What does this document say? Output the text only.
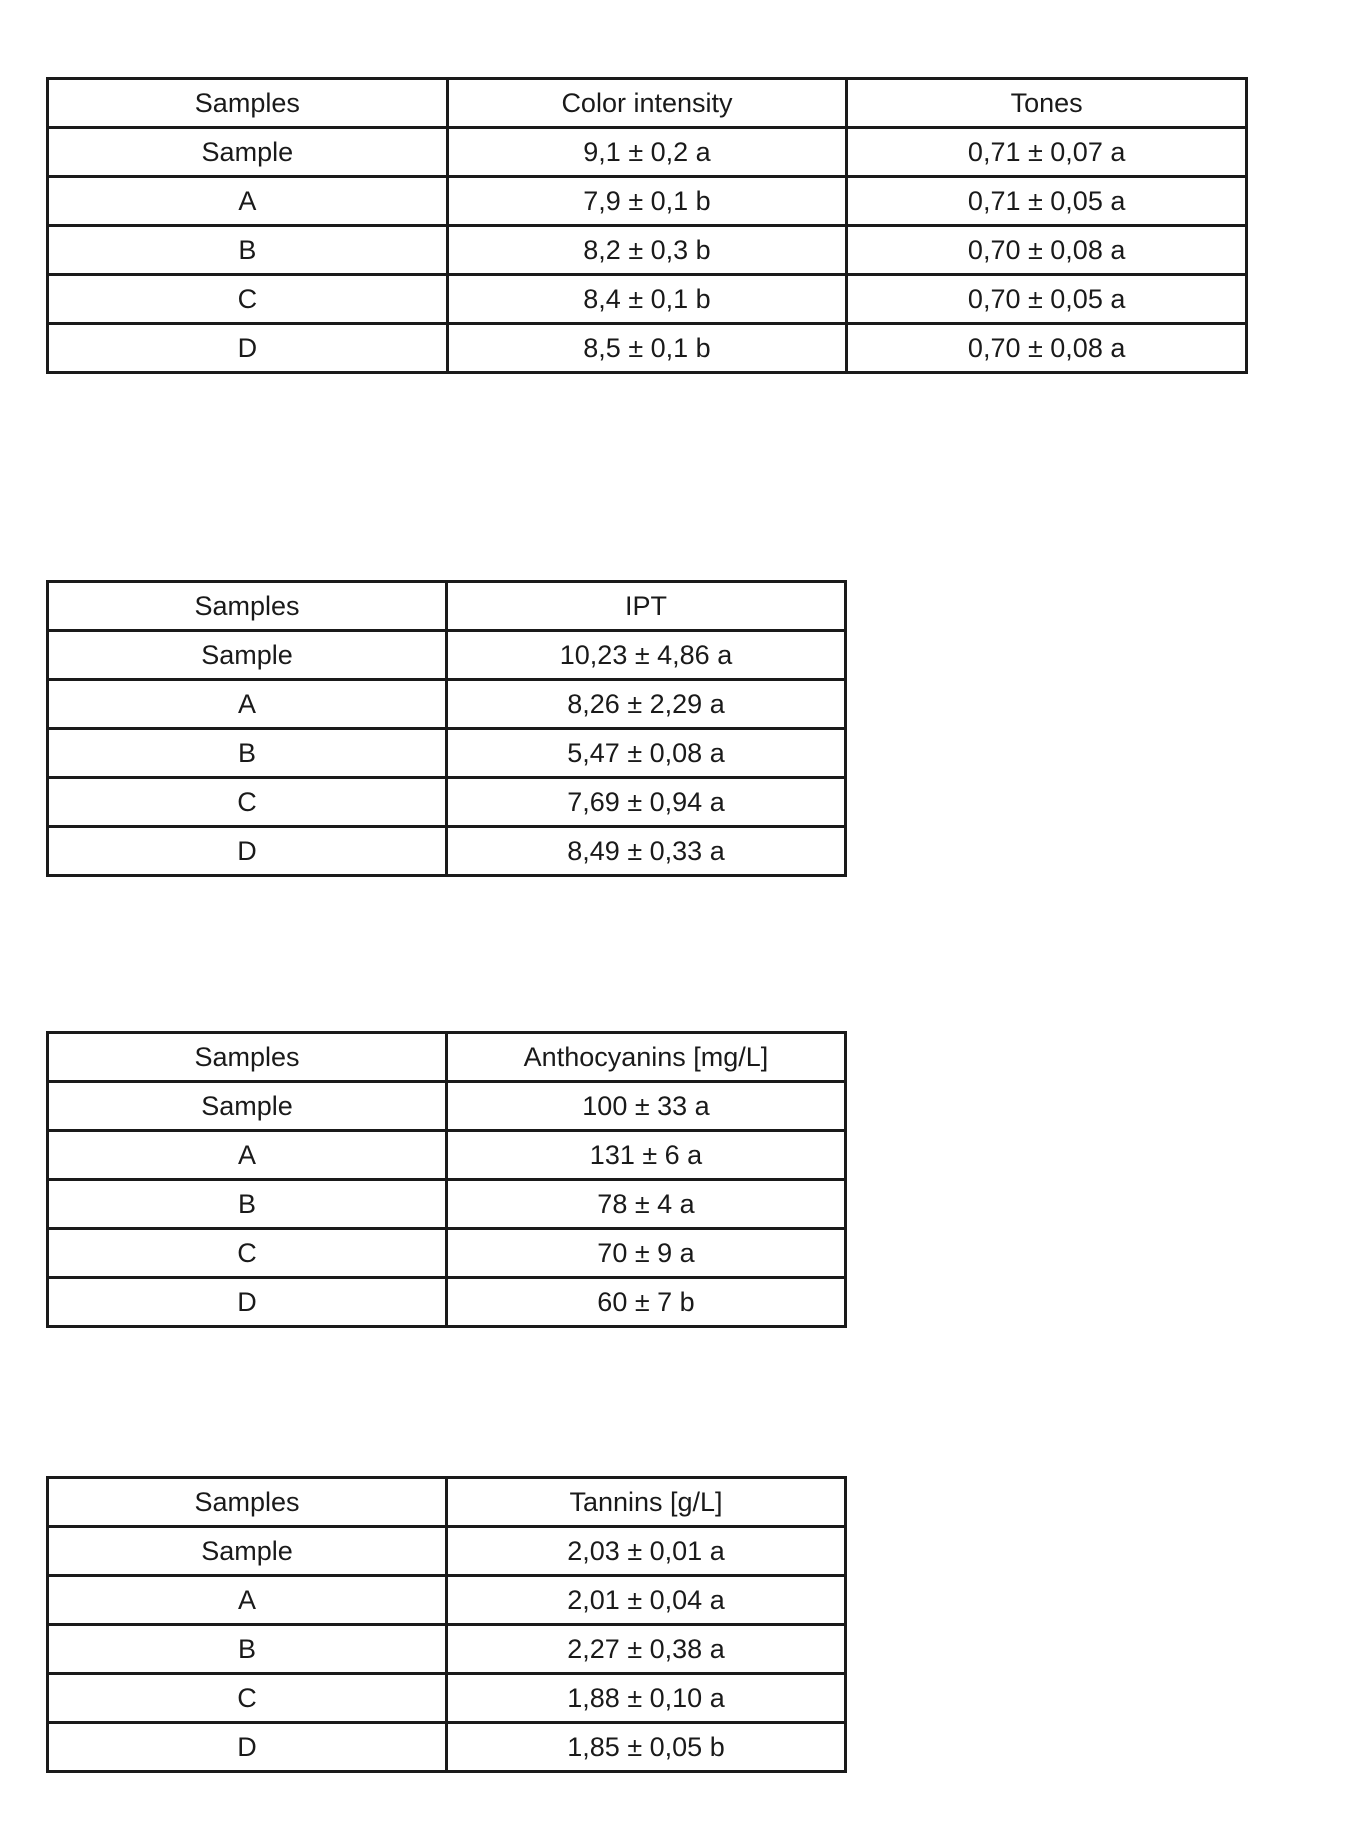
Samples	Color intensity	Tones
Sample	9,1 ± 0,2 a	0,71 ± 0,07 a
A	7,9 ± 0,1 b	0,71 ± 0,05 a
B	8,2 ± 0,3 b	0,70 ± 0,08 a
C	8,4 ± 0,1 b	0,70 ± 0,05 a
D	8,5 ± 0,1 b	0,70 ± 0,08 a
Samples	IPT
Sample	10,23 ± 4,86 a
A	8,26 ± 2,29 a
B	5,47 ± 0,08 a
C	7,69 ± 0,94 a
D	8,49 ± 0,33 a
Samples	Anthocyanins [mg/L]
Sample	100 ± 33 a
A	131 ± 6 a
B	78 ± 4 a
C	70 ± 9 a
D	60 ± 7 b
Samples	Tannins [g/L]
Sample	2,03 ± 0,01 a
A	2,01 ± 0,04 a
B	2,27 ± 0,38 a
C	1,88 ± 0,10 a
D	1,85 ± 0,05 b
